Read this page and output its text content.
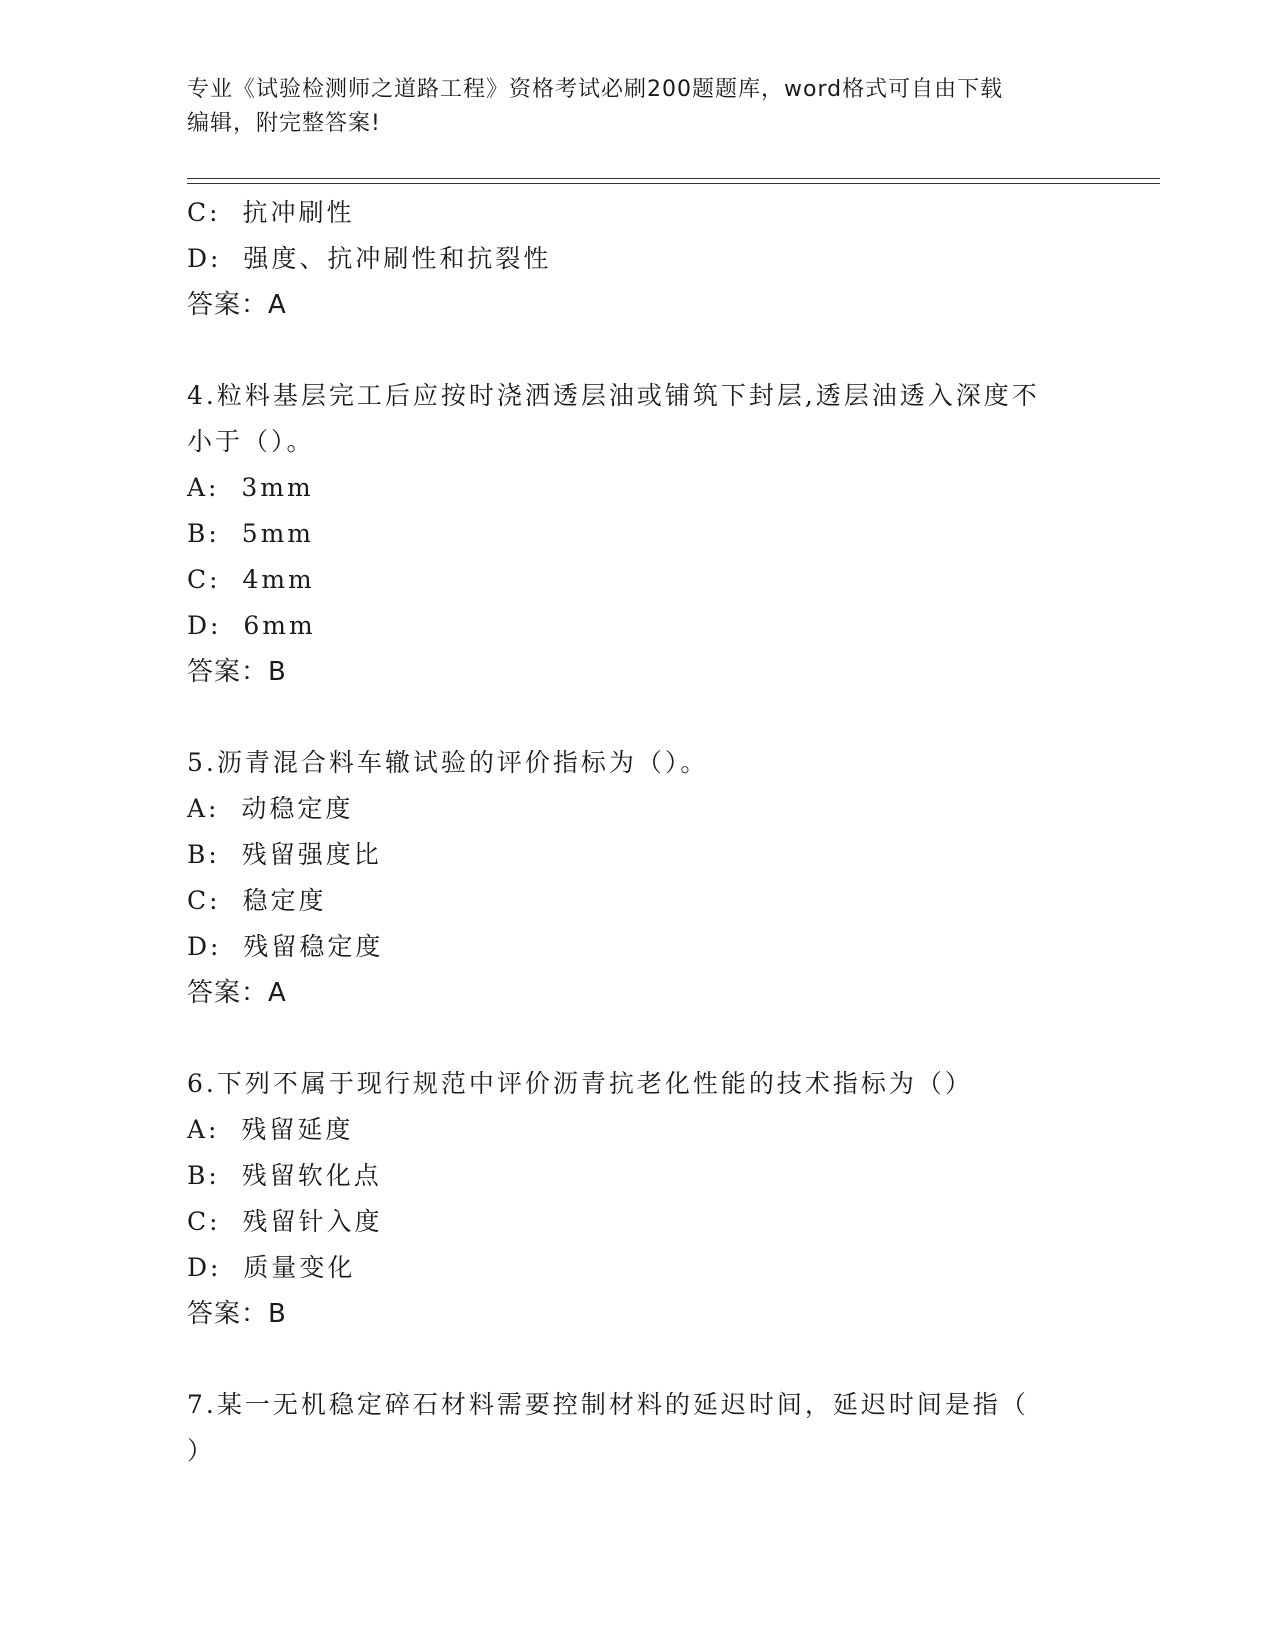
专业《试验检测师之道路工程》资格考试必刷200题题库，word格式可自由下载
编辑，附完整答案!
C:  抗冲刷性
D:  强度、抗冲刷性和抗裂性
答案：A
4.粒料基层完工后应按时浇洒透层油或铺筑下封层,透层油透入深度不
小于（）。
A:  3mm
B:  5mm
C:  4mm
D:  6mm
答案：B
5.沥青混合料车辙试验的评价指标为（）。
A:  动稳定度
B:  残留强度比
C:  稳定度
D:  残留稳定度
答案：A
6.下列不属于现行规范中评价沥青抗老化性能的技术指标为（）
A:  残留延度
B:  残留软化点
C:  残留针入度
D:  质量变化
答案：B
7.某一无机稳定碎石材料需要控制材料的延迟时间，延迟时间是指（
）
